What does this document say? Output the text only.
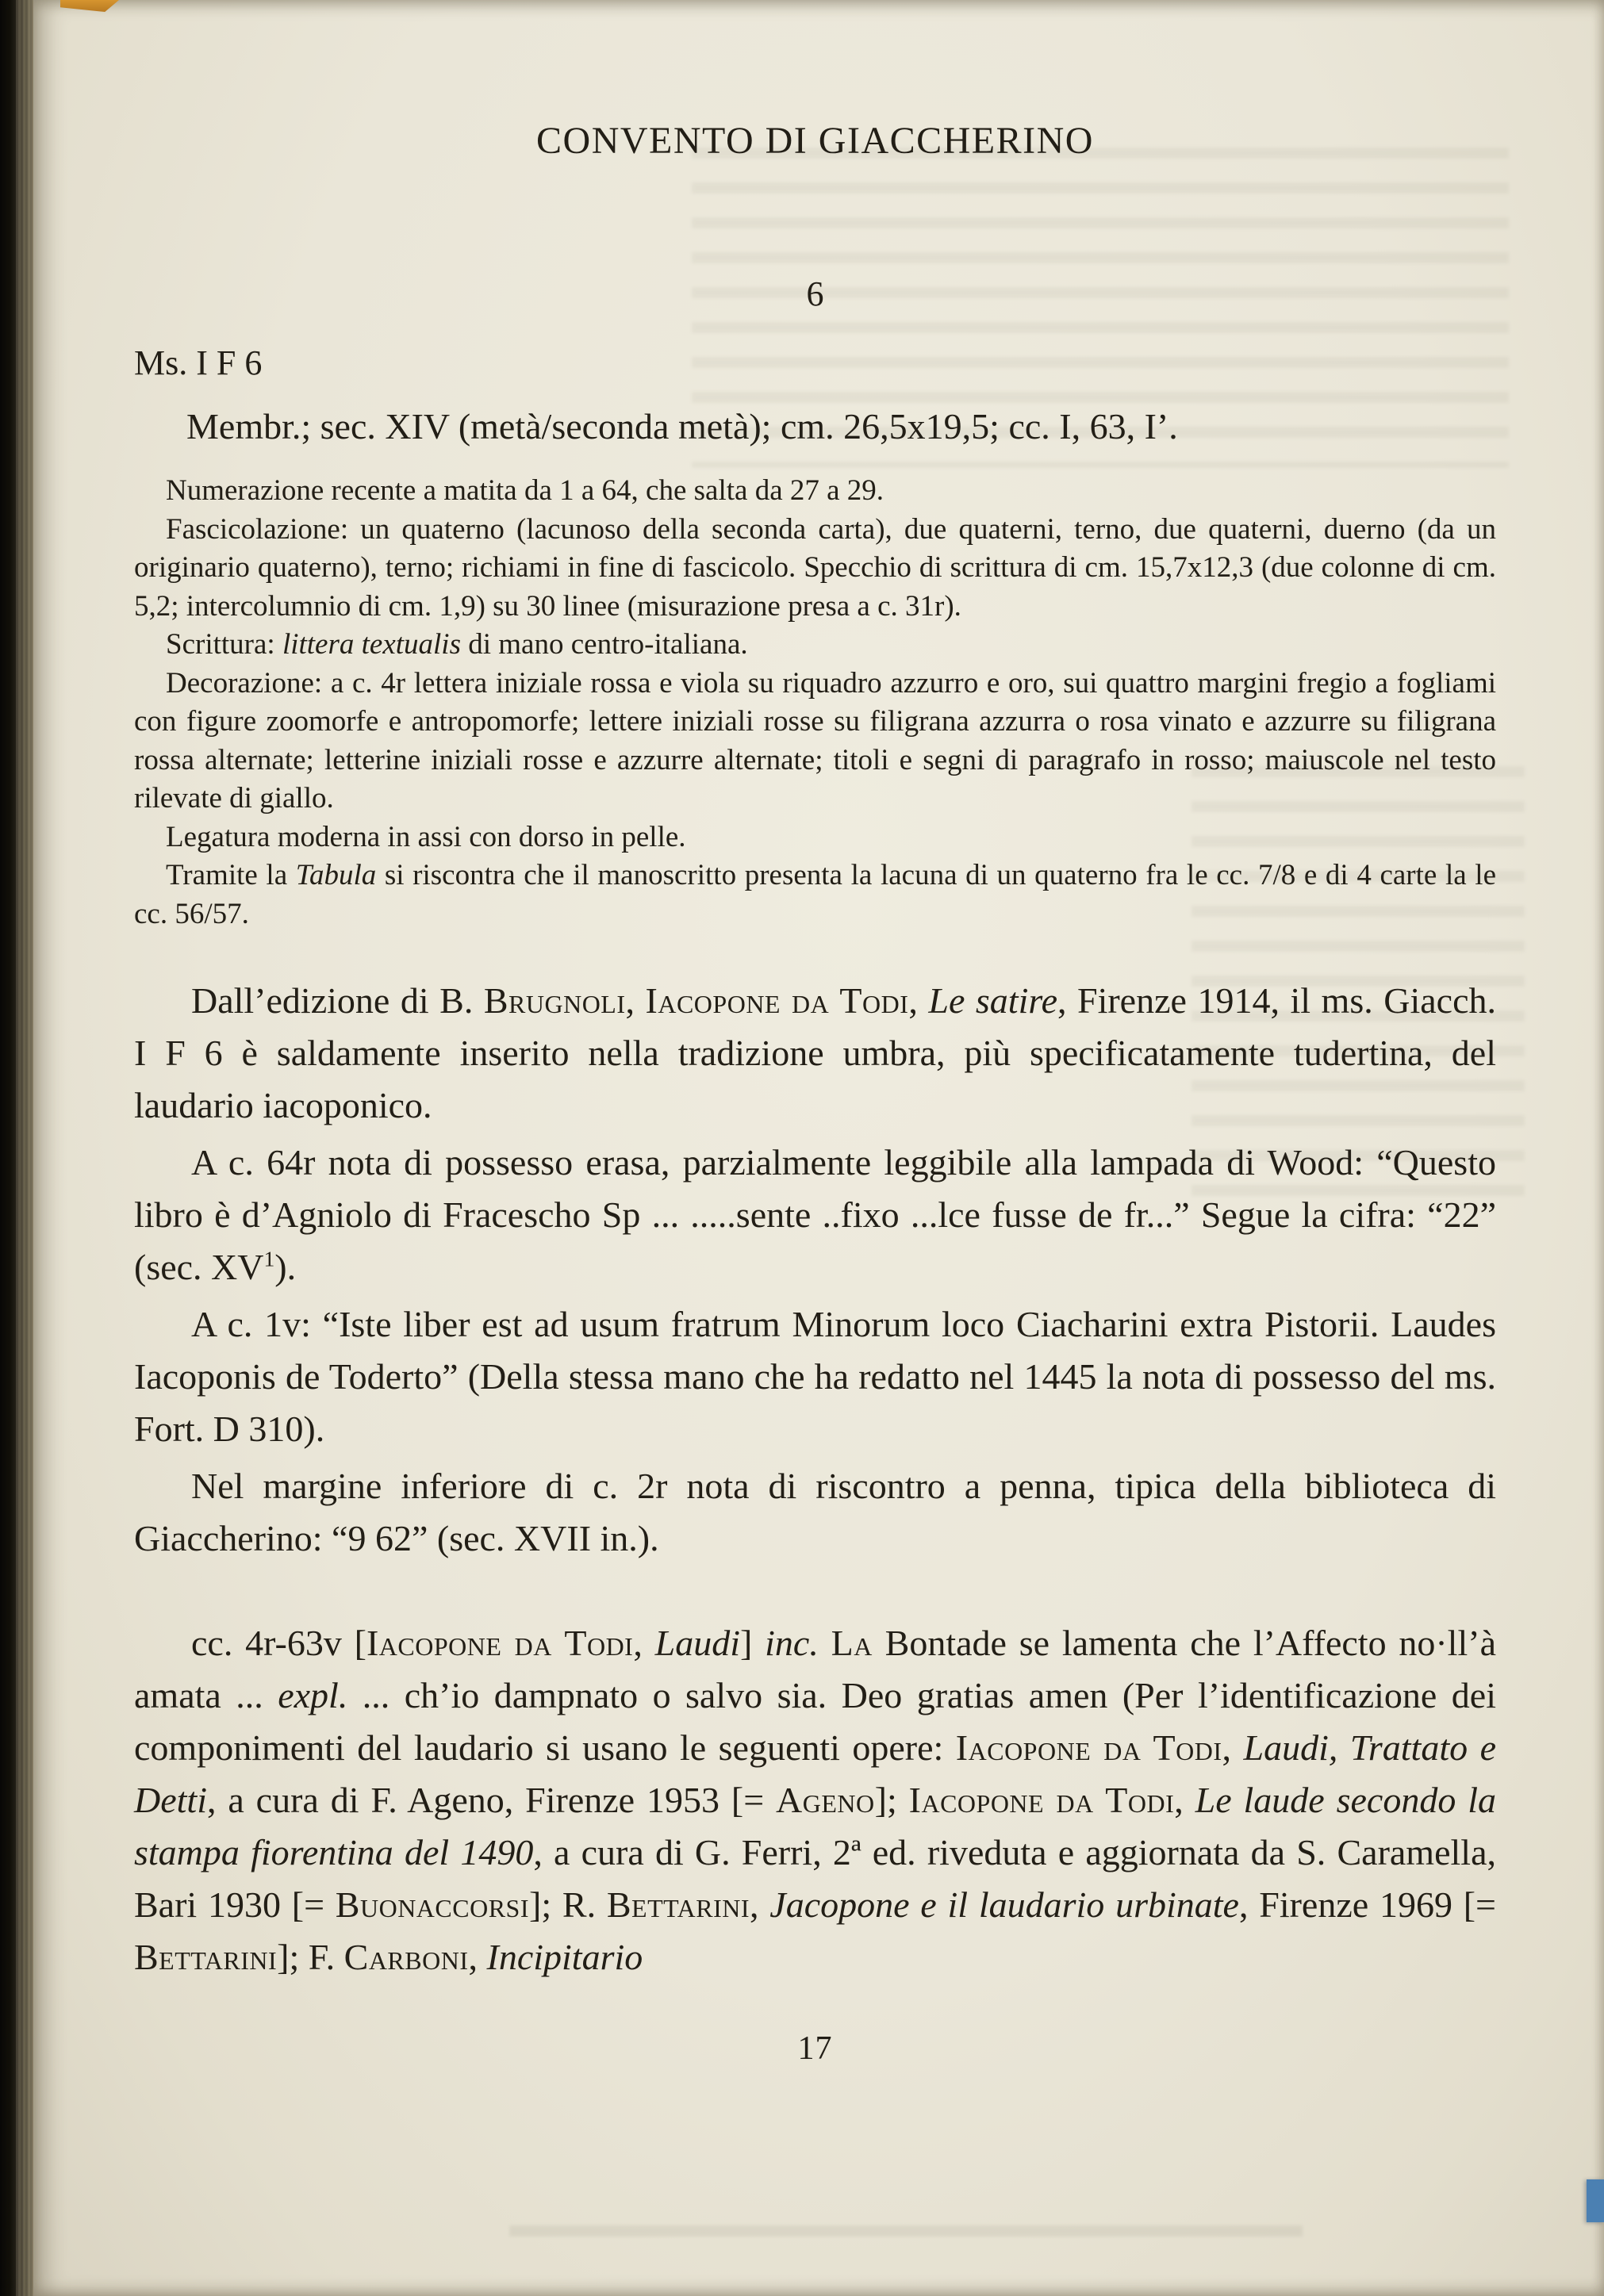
CONVENTO DI GIACCHERINO
6
Ms. I F 6

Membr.; sec. XIV (metà/seconda metà); cm. 26,5x19,5; cc. I, 63, I’.

Numerazione recente a matita da 1 a 64, che salta da 27 a 29.

Fascicolazione: un quaterno (lacunoso della seconda carta), due quaterni, terno, due quaterni, duerno (da un originario quaterno), terno; richiami in fine di fascicolo. Specchio di scrittura di cm. 15,7x12,3 (due colonne di cm. 5,2; intercolumnio di cm. 1,9) su 30 linee (misurazione presa a c. 31r).

Scrittura: littera textualis di mano centro-italiana.

Decorazione: a c. 4r lettera iniziale rossa e viola su riquadro azzurro e oro, sui quattro margini fregio a fogliami con figure zoomorfe e antropomorfe; lettere iniziali rosse su filigrana azzurra o rosa vinato e azzurre su filigrana rossa alternate; letterine iniziali rosse e azzurre alternate; titoli e segni di paragrafo in rosso; maiuscole nel testo rilevate di giallo.

Legatura moderna in assi con dorso in pelle.

Tramite la Tabula si riscontra che il manoscritto presenta la lacuna di un quaterno fra le cc. 7/8 e di 4 carte la le cc. 56/57.

Dall’edizione di B. Brugnoli, Iacopone da Todi, Le satire, Firenze 1914, il ms. Giacch. I F 6 è saldamente inserito nella tradizione umbra, più specificatamente tudertina, del laudario iacoponico.

A c. 64r nota di possesso erasa, parzialmente leggibile alla lampada di Wood: “Questo libro è d’Agniolo di Fracescho Sp ... .....sente ..fixo ...lce fusse de fr...” Segue la cifra: “22” (sec. $XV^1$).

A c. 1v: “Iste liber est ad usum fratrum Minorum loco Ciacharini extra Pistorii. Laudes Iacoponis de Toderto” (Della stessa mano che ha redatto nel 1445 la nota di possesso del ms. Fort. D 310).

Nel margine inferiore di c. 2r nota di riscontro a penna, tipica della biblioteca di Giaccherino: “9 62” (sec. XVII in.).

cc. 4r-63v [Iacopone da Todi, Laudi] inc. La Bontade se lamenta che l’Affecto no·ll’à amata ... expl. ... ch’io dampnato o salvo sia. Deo gratias amen (Per l’identificazione dei componimenti del laudario si usano le seguenti opere: Iacopone da Todi, Laudi, Trattato e Detti, a cura di F. Ageno, Firenze 1953 [= Ageno]; Iacopone da Todi, Le laude secondo la stampa fiorentina del 1490, a cura di G. Ferri, 2ª ed. riveduta e aggiornata da S. Caramella, Bari 1930 [= Buonaccorsi]; R. Bettarini, Jacopone e il laudario urbinate, Firenze 1969 [= Bettarini]; F. Carboni, Incipitario

17
